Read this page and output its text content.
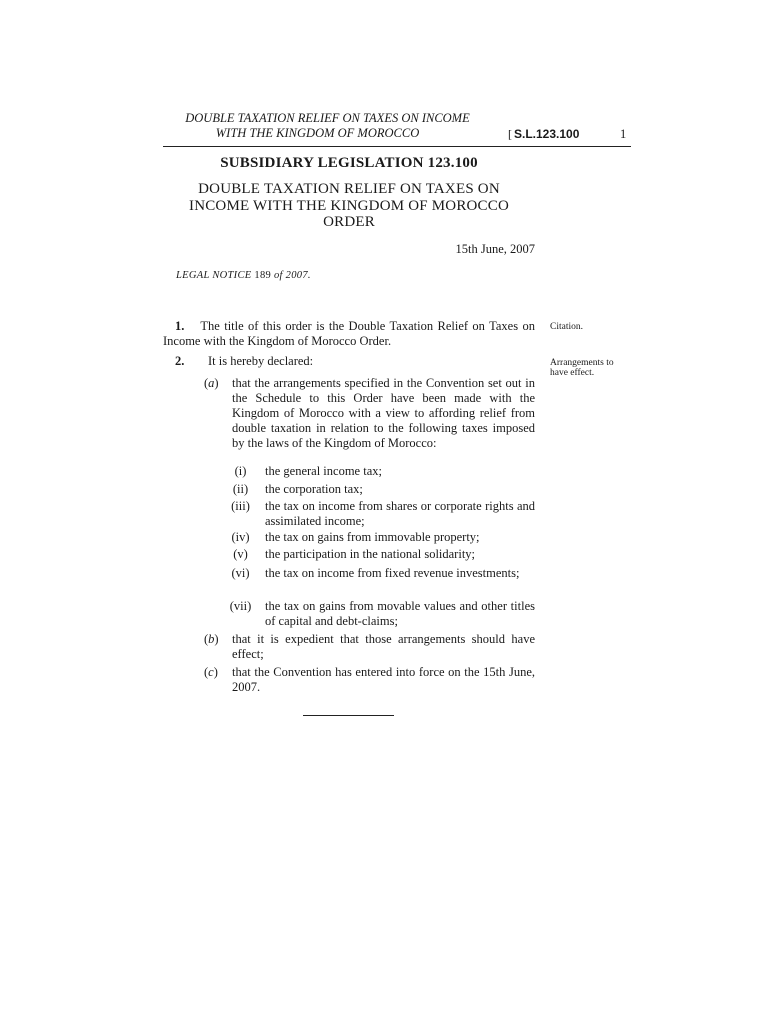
DOUBLE TAXATION RELIEF ON TAXES ON INCOME
WITH THE KINGDOM OF MOROCCO	[ S.L.123.100	1
SUBSIDIARY LEGISLATION 123.100
DOUBLE TAXATION RELIEF ON TAXES ON
INCOME WITH THE KINGDOM OF MOROCCO
ORDER
15th June, 2007
LEGAL NOTICE 189 of 2007.
1. The title of this order is the Double Taxation Relief on Taxes on Income with the Kingdom of Morocco Order.
Citation.
2. It is hereby declared:	Arrangements to have effect.
(a) that the arrangements specified in the Convention set out in the Schedule to this Order have been made with the Kingdom of Morocco with a view to affording relief from double taxation in relation to the following taxes imposed by the laws of the Kingdom of Morocco:
(i)	the general income tax;
(ii)	the corporation tax;
(iii)	the tax on income from shares or corporate rights and assimilated income;
(iv)	the tax on gains from immovable property;
(v)	the participation in the national solidarity;
(vi)	the tax on income from fixed revenue investments;
(vii)	the tax on gains from movable values and other titles of capital and debt-claims;
(b) that it is expedient that those arrangements should have effect;
(c) that the Convention has entered into force on the 15th June, 2007.
